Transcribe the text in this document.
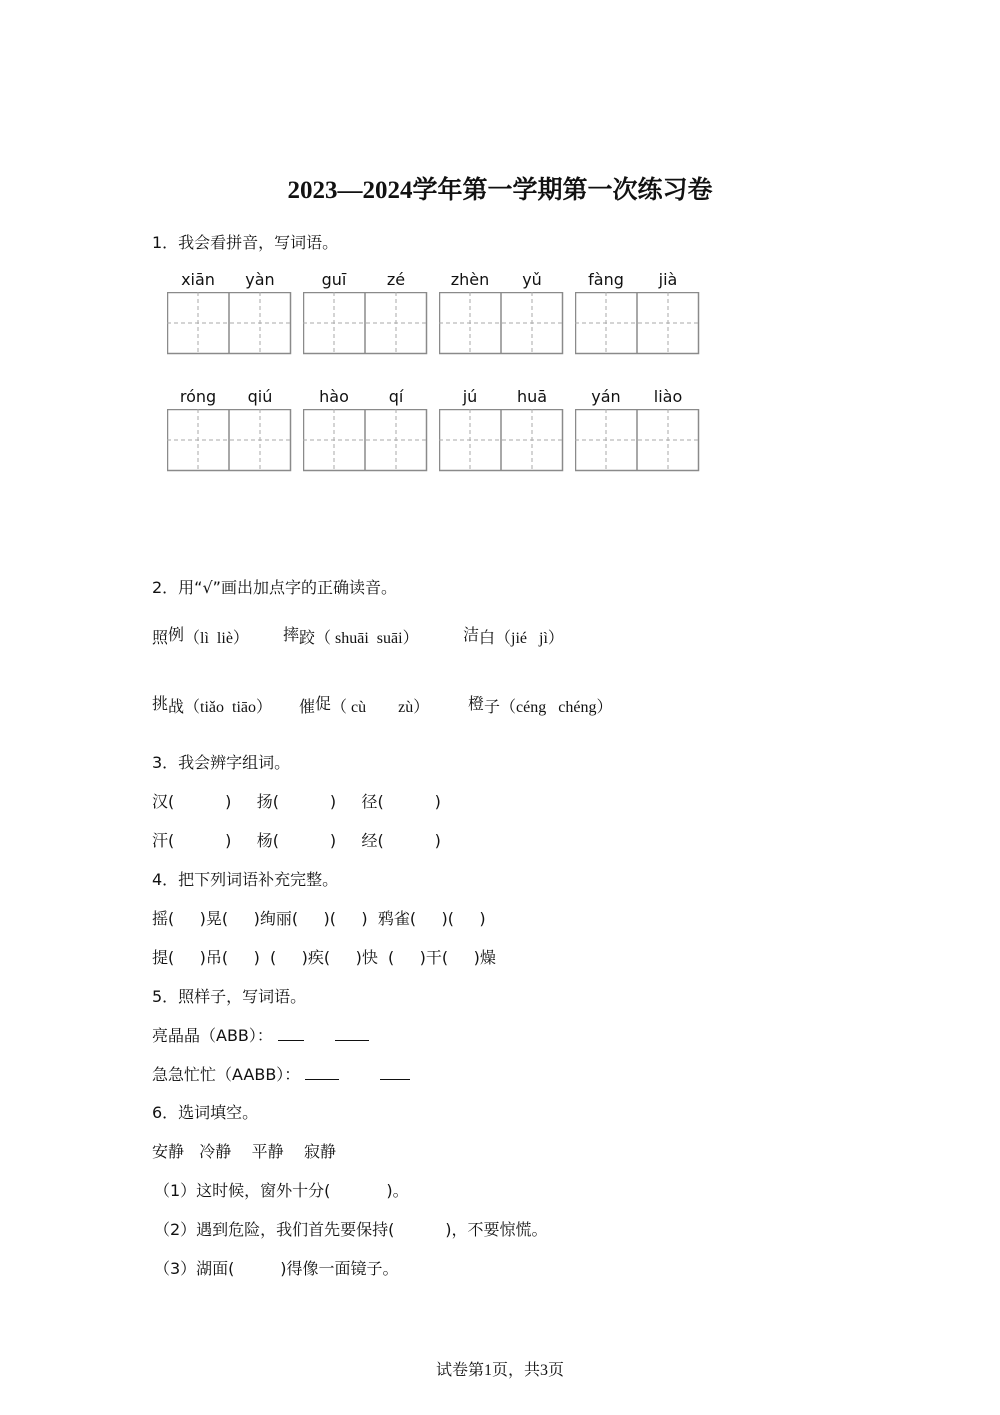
2023—2024学年第一学期第一次练习卷
1．我会看拼音，写词语。
xiān	yàn	guī	zé	zhèn	yǔ	fàng	jià
róng	qiú	hào	qí	jú	huā	yán	liào
2．用“√”画出加点字的正确读音。
照例（lì  liè） 摔跤（ shuāi  suāi）	洁白（jié   jì）
挑战（tiǎo  tiāo） 催促（ cù        zù） 橙子（céng   chéng）
3．我会辨字组词。
汉(          )     扬(          )     径(          )
汗(          )     杨(          )     经(          )
4．把下列词语补充完整。
摇(     )晃(     )绚丽(     )(     )  鸦雀(     )(     )
提(     )吊(     )  (     )疾(     )快  (     )干(     )燥
5．照样子，写词语。
亮晶晶（ABB）：
急急忙忙（AABB）：
6．选词填空。
安静   冷静    平静    寂静
（1）这时候，窗外十分(           )。
（2）遇到危险，我们首先要保持(          )，不要惊慌。
（3）湖面(         )得像一面镜子。
试卷第1页，共3页
